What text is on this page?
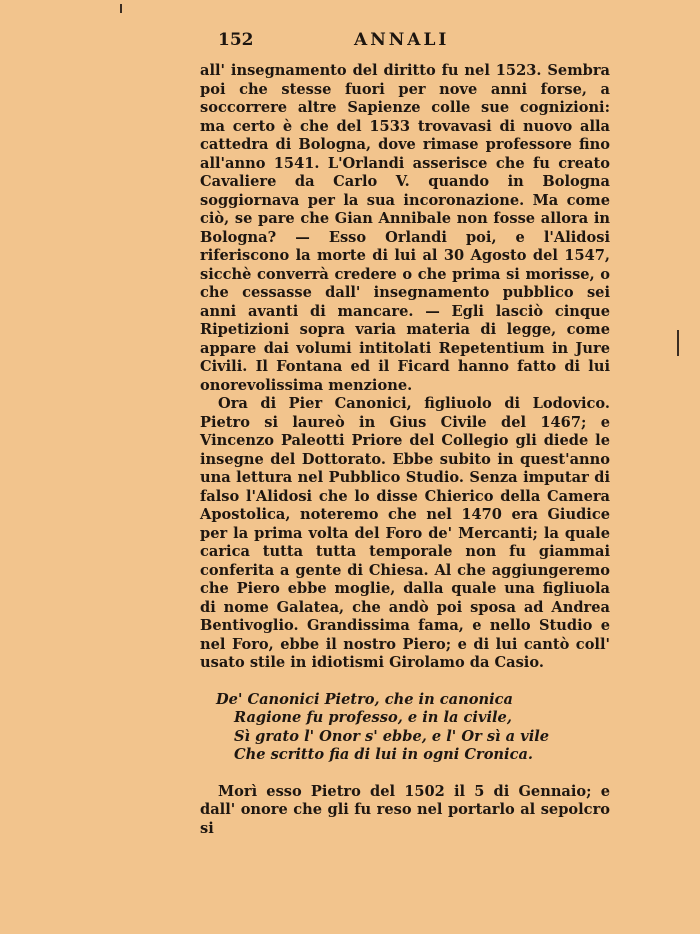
152	ANNALI

all' insegnamento del diritto fu nel 1523. Sembra poi che stesse fuori per nove anni forse, a soccorrere altre Sapienze colle sue cognizioni: ma certo è che del 1533 trovavasi di nuovo alla cattedra di Bologna, dove rimase professore fino all'anno 1541. L'Orlandi asserisce che fu creato Cavaliere da Carlo V. quando in Bologna soggiornava per la sua incoronazione. Ma come ciò, se pare che Gian Annibale non fosse allora in Bologna? — Esso Orlandi poi, e l'Alidosi riferiscono la morte di lui al 30 Agosto del 1547, sicchè converrà credere o che prima si morisse, o che cessasse dall' insegnamento pubblico sei anni avanti di mancare. — Egli lasciò cinque Ripetizioni sopra varia materia di legge, come appare dai volumi intitolati Repetentium in Jure Civili. Il Fontana ed il Ficard hanno fatto di lui onorevolissima menzione.

Ora di Pier Canonici, figliuolo di Lodovico. Pietro si laureò in Gius Civile del 1467; e Vincenzo Paleotti Priore del Collegio gli diede le insegne del Dottorato. Ebbe subito in quest'anno una lettura nel Pubblico Studio. Senza imputar di falso l'Alidosi che lo disse Chierico della Camera Apostolica, noteremo che nel 1470 era Giudice per la prima volta del Foro de' Mercanti; la quale carica tutta tutta temporale non fu giammai conferita a gente di Chiesa. Al che aggiungeremo che Piero ebbe moglie, dalla quale una figliuola di nome Galatea, che andò poi sposa ad Andrea Bentivoglio. Grandissima fama, e nello Studio e nel Foro, ebbe il nostro Piero; e di lui cantò coll' usato stile in idiotismi Girolamo da Casio.

De' Canonici Pietro, che in canonica
Ragione fu professo, e in la civile,
Sì grato l' Onor s' ebbe, e l' Or sì a vile
Che scritto fia di lui in ogni Cronica.

Morì esso Pietro del 1502 il 5 di Gennaio; e dall' onore che gli fu reso nel portarlo al sepolcro si
